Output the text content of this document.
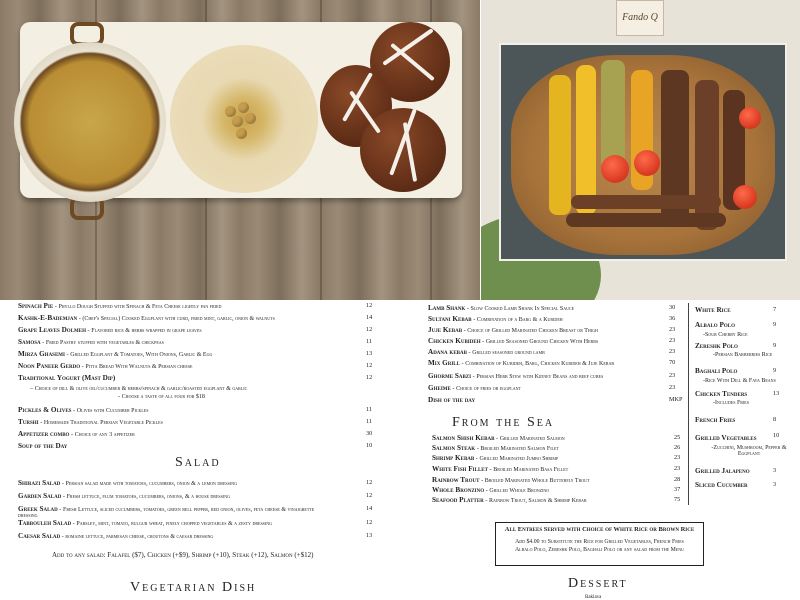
Fando Q
Spinach Pie - Phyllo Dough Stuffed with Spinach & Feta Cheese lightly pan fried	12
Kashk-E-Bademjan - (Chef's Special) Cooked Eggplant with curd, fried mint, garlic, onion & walnuts	14
Grape Leaves Dolmeh - Flavored rice & herbs wrapped in grape leaves	12
Samosa - Fried Pastry stuffed with vegetables & chickpeas	11
Mirza Ghasemi - Grilled Eggplant & Tomatoes, With Onions, Garlic & Egg	13
Noon Paneer Gerdo - Pitta Bread With Walnuts & Persian cheese	12
Traditional Yogurt (Mast Dip)	12
– Choice of dill & olive oil/cucumber & herbs/spinach & garlic/roasted eggplant & garlic
- Choose a taste of all four for $18
Pickles & Olives - Olives with Cucumber Pickles	11
Turshi - Homemade Traditional Persian Vegetable Pickles	11
Appetizer combo - Choice of any 3 appetizer	30
Soup of the Day	10
Salad
Shirazi Salad - Persian salad made with tomatoes, cucumbers, onion & a lemon dressing	12
Garden Salad - Fresh lettuce, plum tomatoes, cucumbers, onions, & a house dressing	12
Greek Salad - Fresh Lettuce, sliced cucumbers, tomatoes, green bell pepper, red onion, olives, feta cheese & vinaigrette dressing
14
Tabbouleh Salad - Parsley, mint, tomato, bulgur wheat, finely chopped vegetables & a zesty dressing	12
Caesar Salad - romaine lettuce, parmesan cheese, croutons & caesar dressing	13
Add to any salad: Falafel ($7), Chicken (+$9), Shrimp (+10), Steak (+12), Salmon (+$12)
Vegetarian Dish
Lamb Shank - Slow Cooked Lamb Shank In Special Sauce	30
Sultani Kebab - Combination of a Barg & a Kubideh	36
Juje Kebab - Choice of Grilled Marinated Chicken Breast or Thigh	23
Chicken Kubideh - Grilled Seasoned Ground Chicken With Herbs	23
Adana kebab - Grilled seasoned ground lamb	23
Mix Grill - Combination of Kubideh, Barg, Chicken Kubideh & Juje Kebab	70
Ghorme Sabzi - Persian Herb Stew with Kidney Beans and beef cubes	23
Gheime - Choice of fries or eggplant	23
Dish of the day	MKP
From the Sea
Salmon Shish Kebab - Grilled Marinated Salmon	25
Salmon Steak - Broiled Marinated Salmon Filet	26
Shrimp Kebab - Grilled Marinated Jumbo Shrimp	23
White Fish Fillet - Broiled Marinated Basa Fillet	23
Rainbow Trout - Broiled Marinated Whole Butterfly Trout	28
Whole Bronzino - Grilled Whole Bronzino	37
Seafood Platter - Rainbow Trout, Salmon & Shrimp Kebab	75
White Rice	7
Albalo Polo	9
-Sour Cherry Rice
Zereshk Polo	9
-Persian Barberries Rice
Baghali Polo	9
-Rice With Dill & Fava Beans
Chicken Tenders	13
-Includes Fries
French Fries	8
Grilled Vegetables	10
-Zucchini, Mushroom, Pepper & Eggplant
Grilled Jalapeno	3
Sliced Cucumber	3
All Entrees Served with Choice of White Rice or Brown Rice
Add $4.00 to Substitute the Rice for Grilled Vegetables, French Fries
Albalo Polo, Zereshk Polo, Baghali Polo or any salad from the Menu
Dessert
Baklava
